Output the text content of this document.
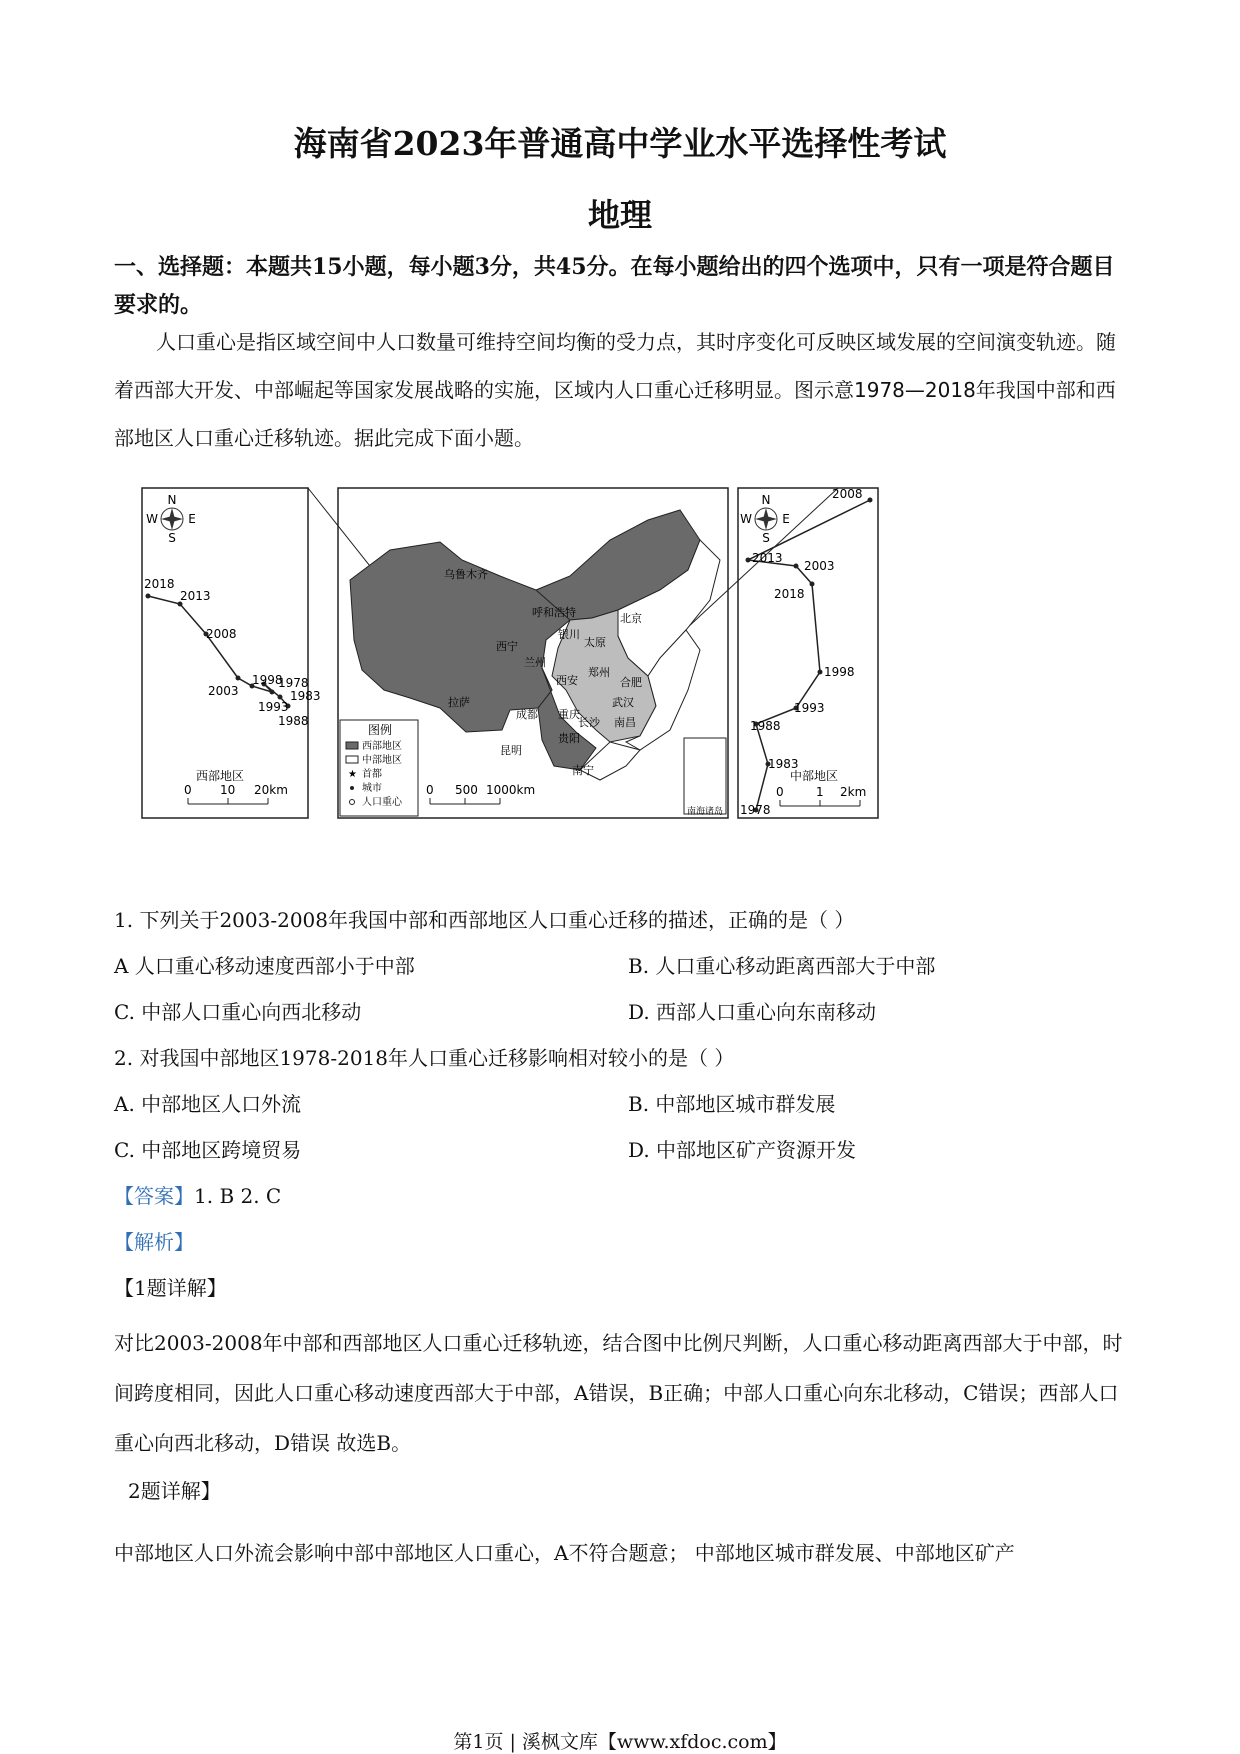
海南省2023年普通高中学业水平选择性考试
地理
一、选择题：本题共15小题，每小题3分，共45分。在每小题给出的四个选项中，只有一项是符合题目要求的。
人口重心是指区域空间中人口数量可维持空间均衡的受力点，其时序变化可反映区域发展的空间演变轨迹。随着西部大开发、中部崛起等国家发展战略的实施，区域内人口重心迁移明显。图示意1978—2018年我国中部和西部地区人口重心迁移轨迹。据此完成下面小题。
N
S
W	E
2018
2013
2008
1998
1978
2003
1993
1983
1988
西部地区
0 10 20km
乌鲁木齐
呼和浩特	北京
银川
太原
西宁
兰州
郑州
合肥
西安
武汉
拉萨
成都 重庆
长沙 南昌
贵阳
昆明
南宁
图例
西部地区
中部地区
★ 首都
城市
人口重心
0 500 1000km
南海诸岛
N
S
W	E
2008
2013
2003
2018
1998
1993
1988
1983
1978
中部地区
0	1 2km
1. 下列关于2003-2008年我国中部和西部地区人口重心迁移的描述，正确的是（ ）
A 人口重心移动速度西部小于中部	B. 人口重心移动距离西部大于中部
C. 中部人口重心向西北移动	D. 西部人口重心向东南移动
2. 对我国中部地区1978-2018年人口重心迁移影响相对较小的是（ ）
A. 中部地区人口外流	B. 中部地区城市群发展
C. 中部地区跨境贸易	D. 中部地区矿产资源开发
【答案】1. B 2. C
【解析】
【1题详解】
对比2003-2008年中部和西部地区人口重心迁移轨迹，结合图中比例尺判断，人口重心移动距离西部大于中部，时间跨度相同，因此人口重心移动速度西部大于中部，A错误，B正确；中部人口重心向东北移动，C错误；西部人口重心向西北移动，D错误 故选B。
2题详解】
中部地区人口外流会影响中部中部地区人口重心，A不符合题意； 中部地区城市群发展、中部地区矿产
第1页 | 溪枫文库【www.xfdoc.com】
